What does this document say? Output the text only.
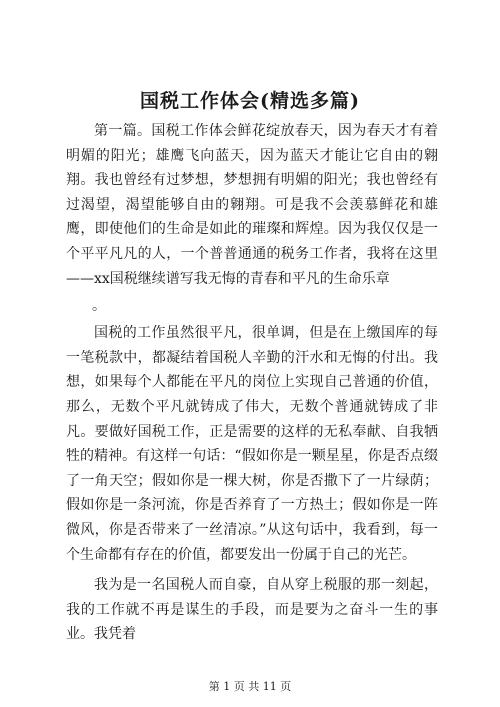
国税工作体会(精选多篇)

第一篇。国税工作体会鲜花绽放春天，因为春天才有着明媚的阳光；雄鹰飞向蓝天，因为蓝天才能让它自由的翱翔。我也曾经有过梦想，梦想拥有明媚的阳光；我也曾经有过渴望，渴望能够自由的翱翔。可是我不会羡慕鲜花和雄鹰，即使他们的生命是如此的璀璨和辉煌。因为我仅仅是一个平平凡凡的人，一个普普通通的税务工作者，我将在这里——xx国税继续谱写我无悔的青春和平凡的生命乐章

。

国税的工作虽然很平凡，很单调，但是在上缴国库的每一笔税款中，都凝结着国税人辛勤的汗水和无悔的付出。我想，如果每个人都能在平凡的岗位上实现自己普通的价值，那么，无数个平凡就铸成了伟大，无数个普通就铸成了非凡。要做好国税工作，正是需要的这样的无私奉献、自我牺牲的精神。有这样一句话：“假如你是一颗星星，你是否点缀了一角天空；假如你是一棵大树，你是否撒下了一片绿荫；假如你是一条河流，你是否养育了一方热土；假如你是一阵微风，你是否带来了一丝清凉。”从这句话中，我看到，每一个生命都有存在的价值，都要发出一份属于自己的光芒。

我为是一名国税人而自豪，自从穿上税服的那一刻起，我的工作就不再是谋生的手段，而是要为之奋斗一生的事业。我凭着

第 1 页 共 11 页
